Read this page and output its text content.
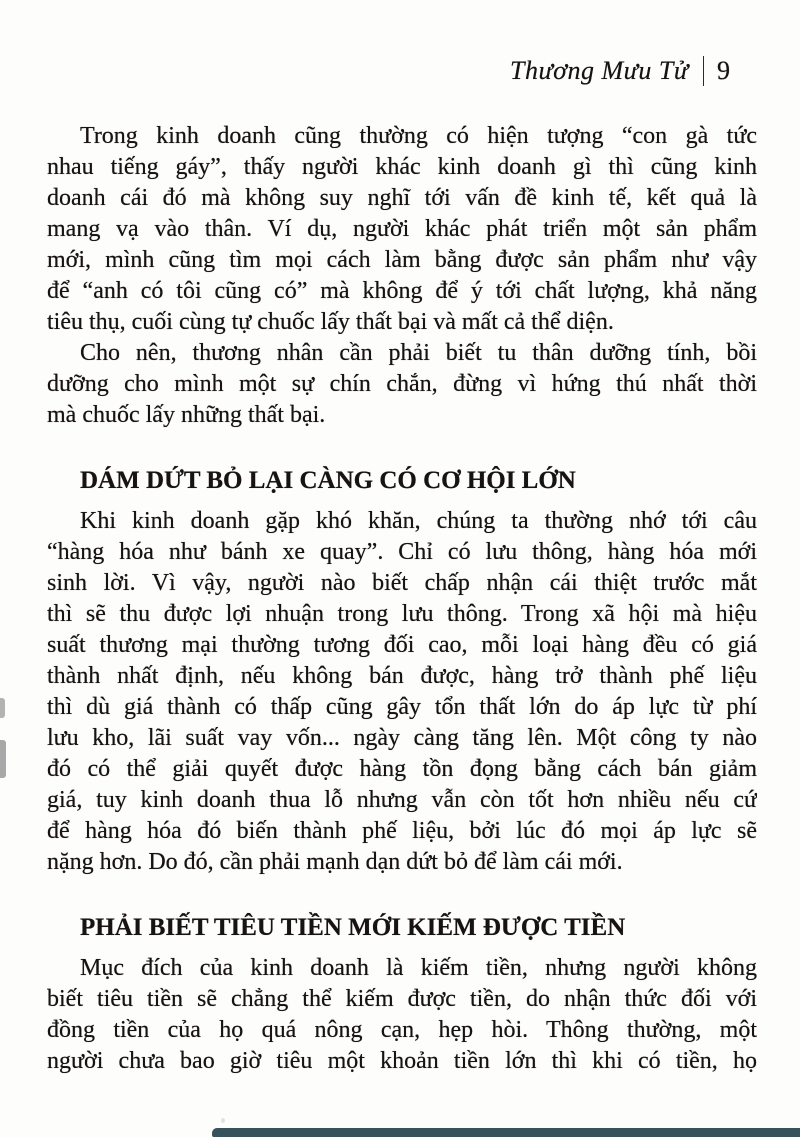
Thương Mưu Tử 9
Trong kinh doanh cũng thường có hiện tượng “con gà tức
nhau tiếng gáy”, thấy người khác kinh doanh gì thì cũng kinh
doanh cái đó mà không suy nghĩ tới vấn đề kinh tế, kết quả là
mang vạ vào thân. Ví dụ, người khác phát triển một sản phẩm
mới, mình cũng tìm mọi cách làm bằng được sản phẩm như vậy
để “anh có tôi cũng có” mà không để ý tới chất lượng, khả năng
tiêu thụ, cuối cùng tự chuốc lấy thất bại và mất cả thể diện.
Cho nên, thương nhân cần phải biết tu thân dưỡng tính, bồi
dưỡng cho mình một sự chín chắn, đừng vì hứng thú nhất thời
mà chuốc lấy những thất bại.
DÁM DỨT BỎ LẠI CÀNG CÓ CƠ HỘI LỚN
Khi kinh doanh gặp khó khăn, chúng ta thường nhớ tới câu
“hàng hóa như bánh xe quay”. Chỉ có lưu thông, hàng hóa mới
sinh lời. Vì vậy, người nào biết chấp nhận cái thiệt trước mắt
thì sẽ thu được lợi nhuận trong lưu thông. Trong xã hội mà hiệu
suất thương mại thường tương đối cao, mỗi loại hàng đều có giá
thành nhất định, nếu không bán được, hàng trở thành phế liệu
thì dù giá thành có thấp cũng gây tổn thất lớn do áp lực từ phí
lưu kho, lãi suất vay vốn... ngày càng tăng lên. Một công ty nào
đó có thể giải quyết được hàng tồn đọng bằng cách bán giảm
giá, tuy kinh doanh thua lỗ nhưng vẫn còn tốt hơn nhiều nếu cứ
để hàng hóa đó biến thành phế liệu, bởi lúc đó mọi áp lực sẽ
nặng hơn. Do đó, cần phải mạnh dạn dứt bỏ để làm cái mới.
PHẢI BIẾT TIÊU TIỀN MỚI KIẾM ĐƯỢC TIỀN
Mục đích của kinh doanh là kiếm tiền, nhưng người không
biết tiêu tiền sẽ chẳng thể kiếm được tiền, do nhận thức đối với
đồng tiền của họ quá nông cạn, hẹp hòi. Thông thường, một
người chưa bao giờ tiêu một khoản tiền lớn thì khi có tiền, họ
